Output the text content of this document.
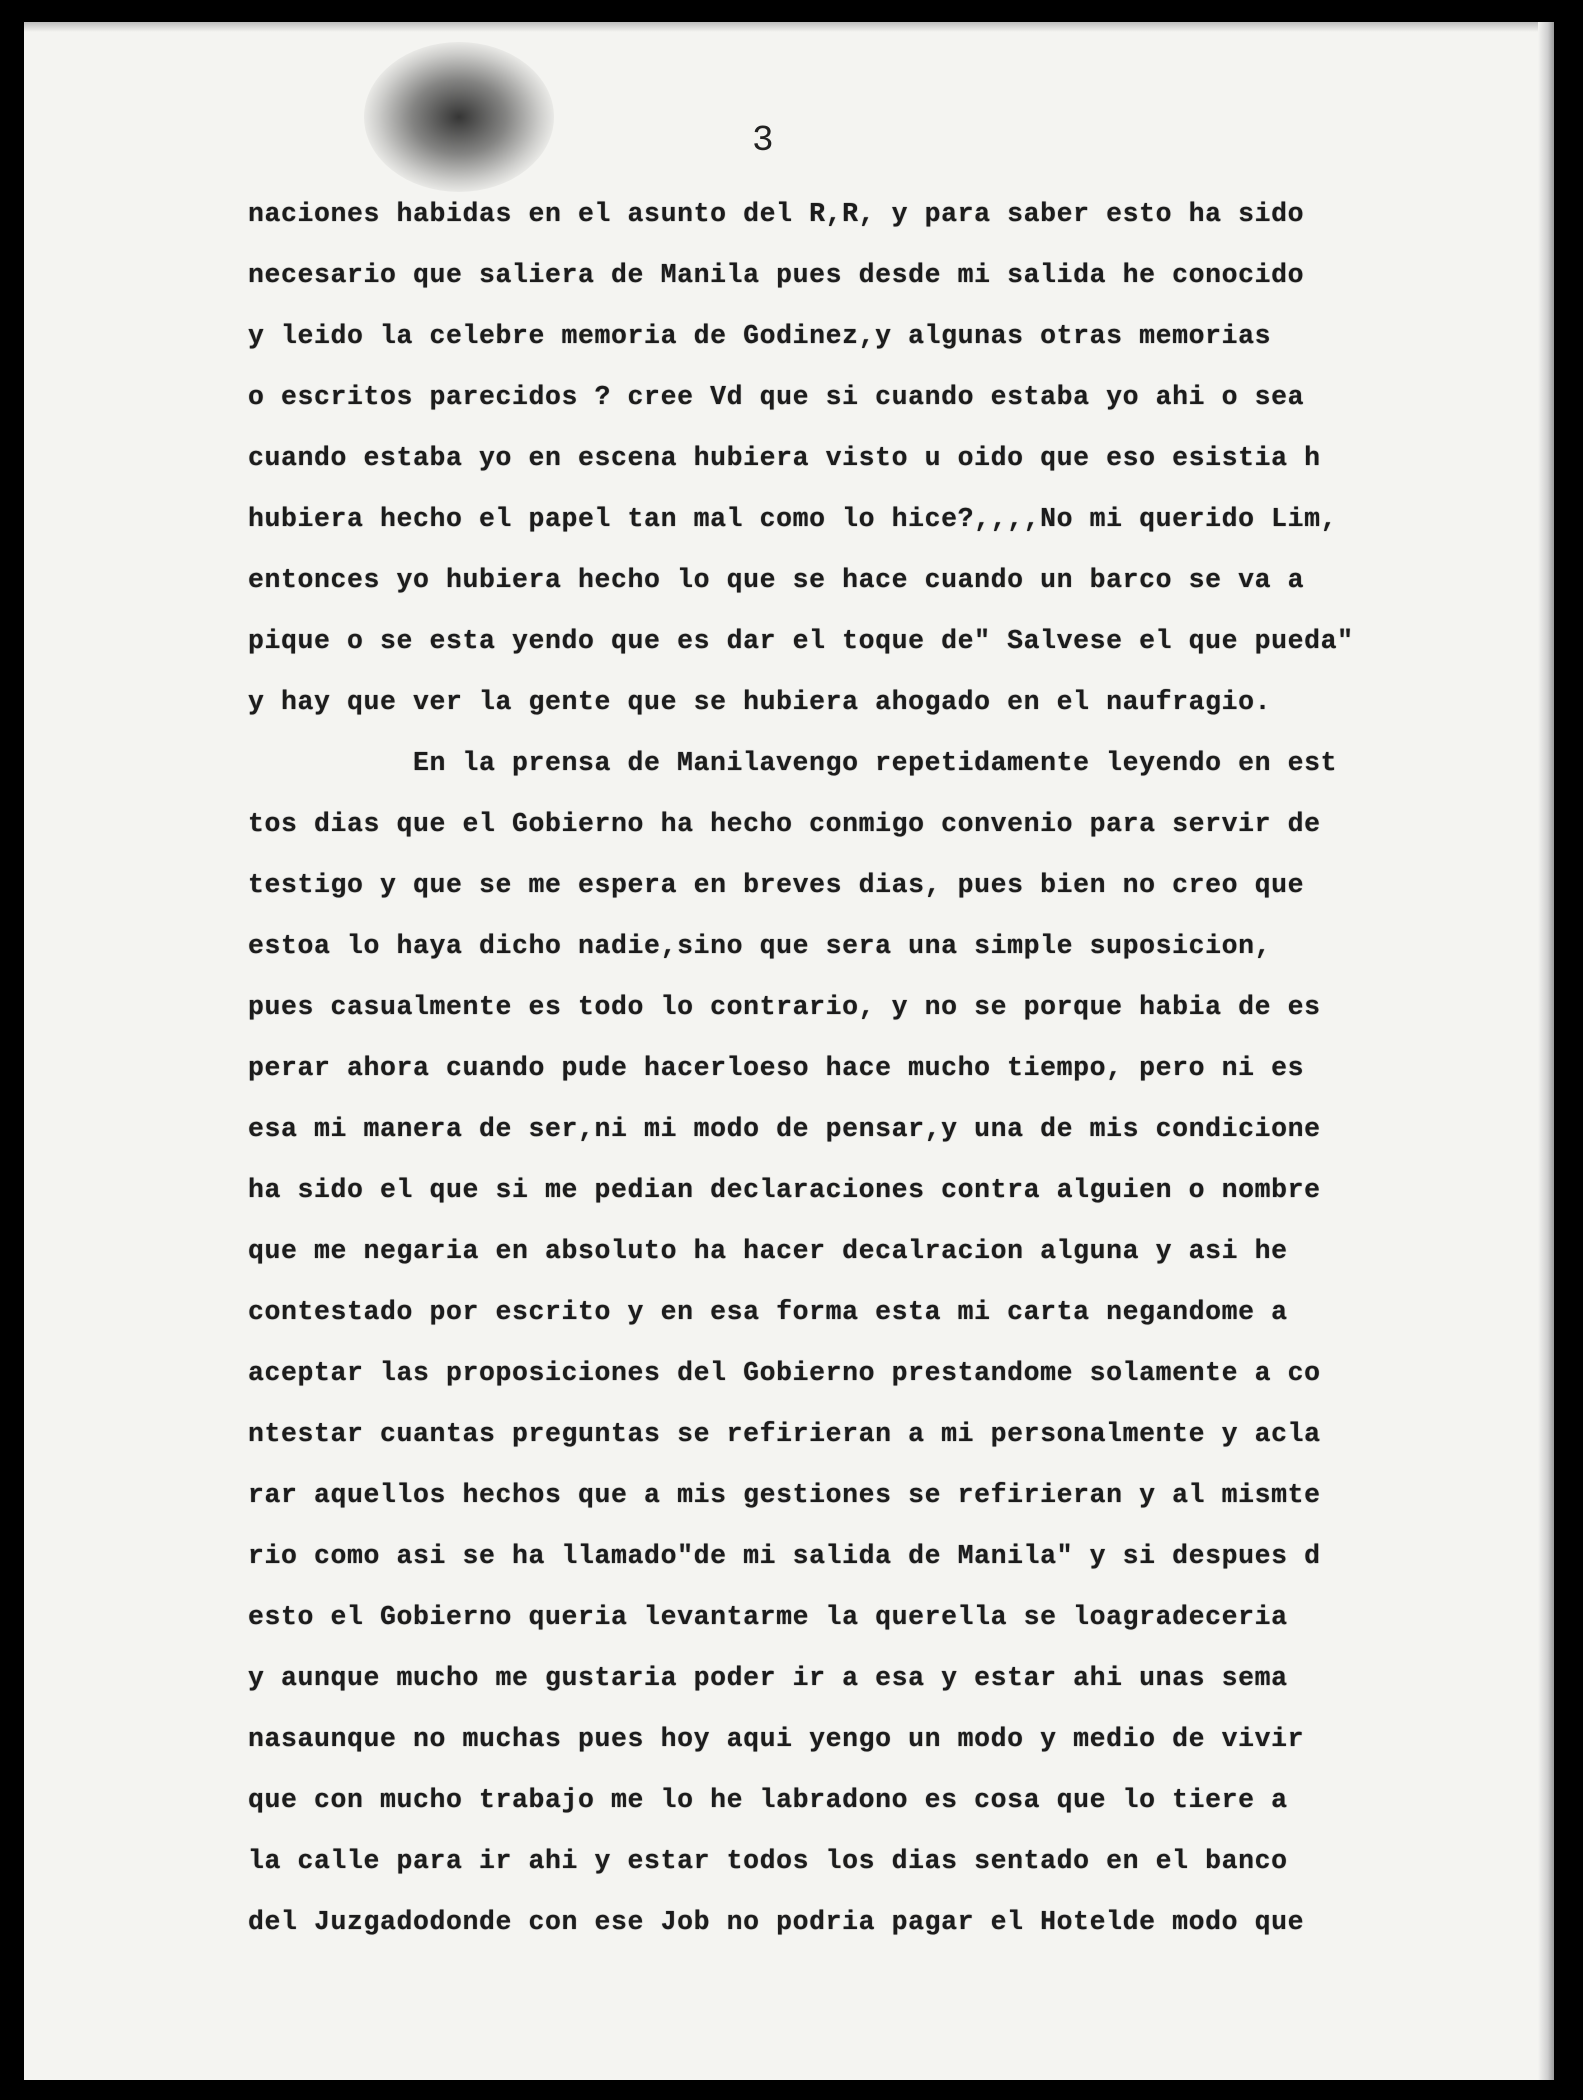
3

naciones habidas en el asunto del R,R, y para saber esto ha sido
necesario que saliera de Manila pues desde mi salida he conocido
y leido la celebre memoria de Godinez,y algunas otras memorias
o escritos parecidos ? cree Vd que si cuando estaba yo ahi o sea
cuando estaba yo en escena hubiera visto u oido que eso esistia h
hubiera hecho el papel tan mal como lo hice?,,,,No mi querido Lim,
entonces yo hubiera hecho lo que se hace cuando un barco se va a
pique o se esta yendo que es dar el toque de" Salvese el que pueda"
y hay que ver la gente que se hubiera ahogado en el naufragio.
En la prensa de Manilavengo repetidamente leyendo en est
tos dias que el Gobierno ha hecho conmigo convenio para servir de
testigo y que se me espera en breves dias, pues bien no creo que
estoa lo haya dicho nadie,sino que sera una simple suposicion,
pues casualmente es todo lo contrario, y no se porque habia de es
perar ahora cuando pude hacerloeso hace mucho tiempo, pero ni es
esa mi manera de ser,ni mi modo de pensar,y una de mis condicione
ha sido el que si me pedian declaraciones contra alguien o nombre
que me negaria en absoluto ha hacer decalracion alguna y asi he
contestado por escrito y en esa forma esta mi carta negandome a
aceptar las proposiciones del Gobierno prestandome solamente a co
ntestar cuantas preguntas se refirieran a mi personalmente y acla
rar aquellos hechos que a mis gestiones se refirieran y al mismte
rio como asi se ha llamado"de mi salida de Manila" y si despues d
esto el Gobierno queria levantarme la querella se loagradeceria
y aunque mucho me gustaria poder ir a esa y estar ahi unas sema
nasaunque no muchas pues hoy aqui yengo un modo y medio de vivir
que con mucho trabajo me lo he labradono es cosa que lo tiere a
la calle para ir ahi y estar todos los dias sentado en el banco
del Juzgadodonde con ese Job no podria pagar el Hotelde modo que
